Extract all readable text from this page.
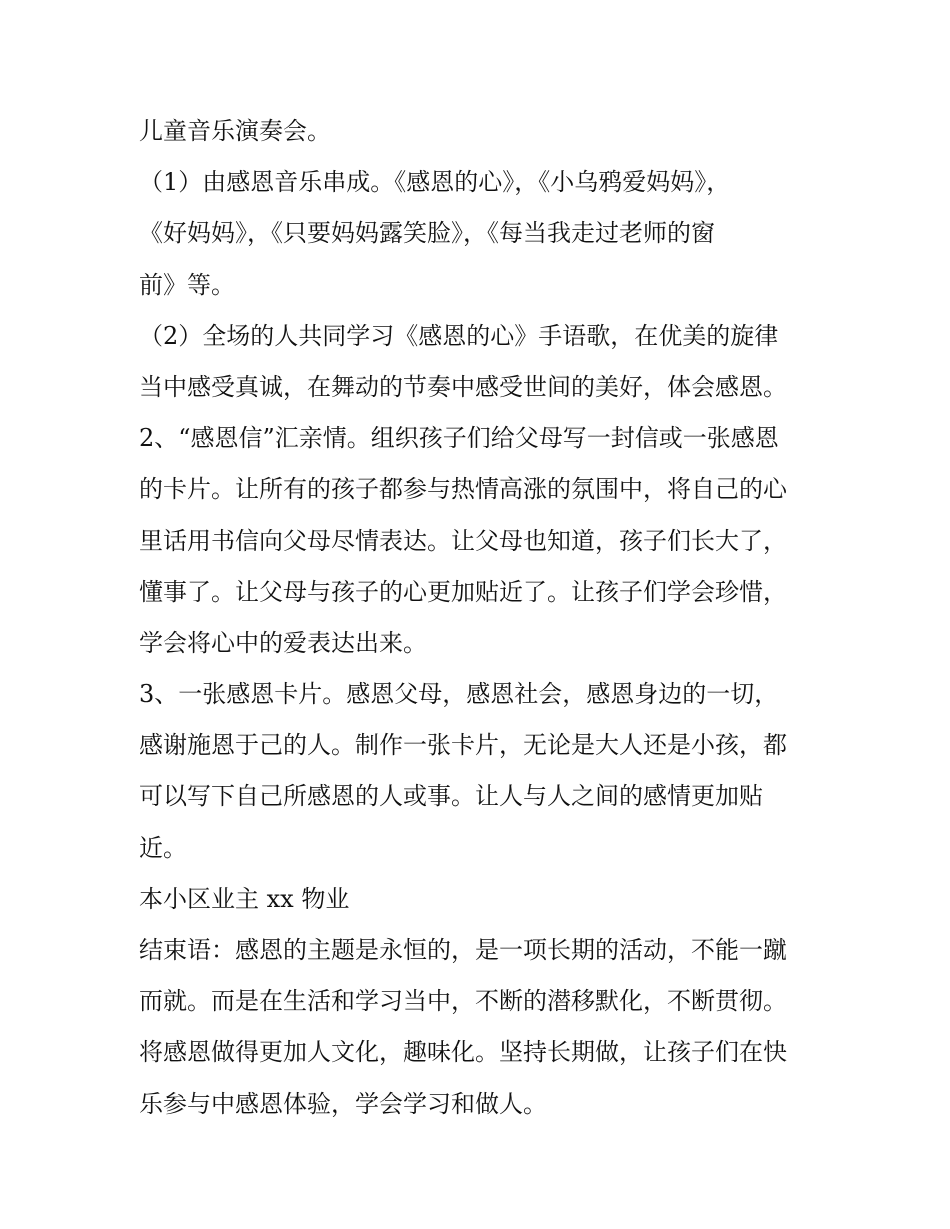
儿童音乐演奏会。
（1）由感恩音乐串成。《感恩的心》，《小乌鸦爱妈妈》，
《好妈妈》，《只要妈妈露笑脸》，《每当我走过老师的窗
前》等。
（2）全场的人共同学习《感恩的心》手语歌，在优美的旋律
当中感受真诚，在舞动的节奏中感受世间的美好，体会感恩。
2、“感恩信”汇亲情。组织孩子们给父母写一封信或一张感恩
的卡片。让所有的孩子都参与热情高涨的氛围中，将自己的心
里话用书信向父母尽情表达。让父母也知道，孩子们长大了，
懂事了。让父母与孩子的心更加贴近了。让孩子们学会珍惜，
学会将心中的爱表达出来。
3、一张感恩卡片。感恩父母，感恩社会，感恩身边的一切，
感谢施恩于己的人。制作一张卡片，无论是大人还是小孩，都
可以写下自己所感恩的人或事。让人与人之间的感情更加贴
近。
本小区业主 xx 物业
结束语：感恩的主题是永恒的，是一项长期的活动，不能一蹴
而就。而是在生活和学习当中，不断的潜移默化，不断贯彻。
将感恩做得更加人文化，趣味化。坚持长期做，让孩子们在快
乐参与中感恩体验，学会学习和做人。
